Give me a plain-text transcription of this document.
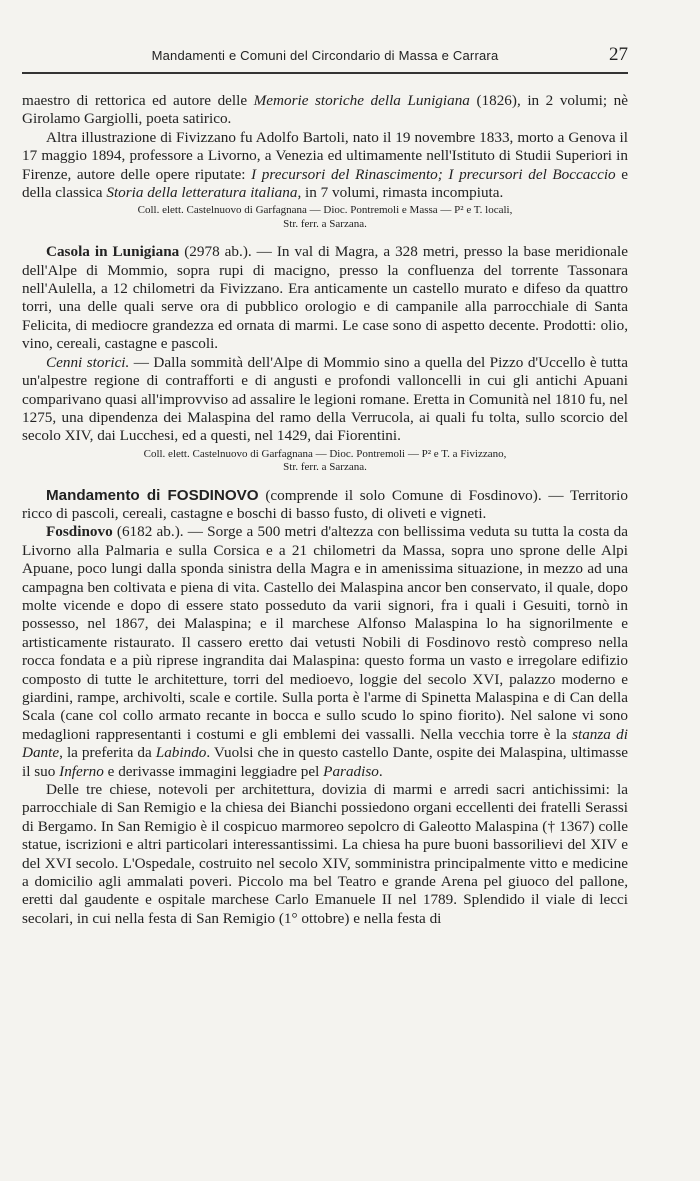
Mandamenti e Comuni del Circondario di Massa e Carrara	27

maestro di rettorica ed autore delle Memorie storiche della Lunigiana (1826), in 2 volumi; nè Girolamo Gargiolli, poeta satirico.

Altra illustrazione di Fivizzano fu Adolfo Bartoli, nato il 19 novembre 1833, morto a Genova il 17 maggio 1894, professore a Livorno, a Venezia ed ultimamente nell'Istituto di Studii Superiori in Firenze, autore delle opere riputate: I precursori del Rinascimento; I precursori del Boccaccio e della classica Storia della letteratura italiana, in 7 volumi, rimasta incompiuta.

Coll. elett. Castelnuovo di Garfagnana — Dioc. Pontremoli e Massa — P² e T. locali,
Str. ferr. a Sarzana.

Casola in Lunigiana (2978 ab.). — In val di Magra, a 328 metri, presso la base meridionale dell'Alpe di Mommio, sopra rupi di macigno, presso la confluenza del torrente Tassonara nell'Aulella, a 12 chilometri da Fivizzano. Era anticamente un castello murato e difeso da quattro torri, una delle quali serve ora di pubblico orologio e di campanile alla parrocchiale di Santa Felicita, di mediocre grandezza ed ornata di marmi. Le case sono di aspetto decente. Prodotti: olio, vino, cereali, castagne e pascoli.

Cenni storici. — Dalla sommità dell'Alpe di Mommio sino a quella del Pizzo d'Uccello è tutta un'alpestre regione di contrafforti e di angusti e profondi valloncelli in cui gli antichi Apuani comparivano quasi all'improvviso ad assalire le legioni romane. Eretta in Comunità nel 1810 fu, nel 1275, una dipendenza dei Malaspina del ramo della Verrucola, ai quali fu tolta, sullo scorcio del secolo XIV, dai Lucchesi, ed a questi, nel 1429, dai Fiorentini.

Coll. elett. Castelnuovo di Garfagnana — Dioc. Pontremoli — P² e T. a Fivizzano,
Str. ferr. a Sarzana.

Mandamento di FOSDINOVO (comprende il solo Comune di Fosdinovo). — Territorio ricco di pascoli, cereali, castagne e boschi di basso fusto, di oliveti e vigneti.

Fosdinovo (6182 ab.). — Sorge a 500 metri d'altezza con bellissima veduta su tutta la costa da Livorno alla Palmaria e sulla Corsica e a 21 chilometri da Massa, sopra uno sprone delle Alpi Apuane, poco lungi dalla sponda sinistra della Magra e in amenissima situazione, in mezzo ad una campagna ben coltivata e piena di vita. Castello dei Malaspina ancor ben conservato, il quale, dopo molte vicende e dopo di essere stato posseduto da varii signori, fra i quali i Gesuiti, tornò in possesso, nel 1867, dei Malaspina; e il marchese Alfonso Malaspina lo ha signorilmente e artisticamente ristaurato. Il cassero eretto dai vetusti Nobili di Fosdinovo restò compreso nella rocca fondata e a più riprese ingrandita dai Malaspina: questo forma un vasto e irregolare edifizio composto di tutte le architetture, torri del medioevo, loggie del secolo XVI, palazzo moderno e giardini, rampe, archivolti, scale e cortile. Sulla porta è l'arme di Spinetta Malaspina e di Can della Scala (cane col collo armato recante in bocca e sullo scudo lo spino fiorito). Nel salone vi sono medaglioni rappresentanti i costumi e gli emblemi dei vassalli. Nella vecchia torre è la stanza di Dante, la preferita da Labindo. Vuolsi che in questo castello Dante, ospite dei Malaspina, ultimasse il suo Inferno e derivasse immagini leggiadre pel Paradiso.

Delle tre chiese, notevoli per architettura, dovizia di marmi e arredi sacri antichissimi: la parrocchiale di San Remigio e la chiesa dei Bianchi possiedono organi eccellenti dei fratelli Serassi di Bergamo. In San Remigio è il cospicuo marmoreo sepolcro di Galeotto Malaspina († 1367) colle statue, iscrizioni e altri particolari interessantissimi. La chiesa ha pure buoni bassorilievi del XIV e del XVI secolo. L'Ospedale, costruito nel secolo XIV, somministra principalmente vitto e medicine a domicilio agli ammalati poveri. Piccolo ma bel Teatro e grande Arena pel giuoco del pallone, eretti dal gaudente e ospitale marchese Carlo Emanuele II nel 1789. Splendido il viale di lecci secolari, in cui nella festa di San Remigio (1° ottobre) e nella festa di
